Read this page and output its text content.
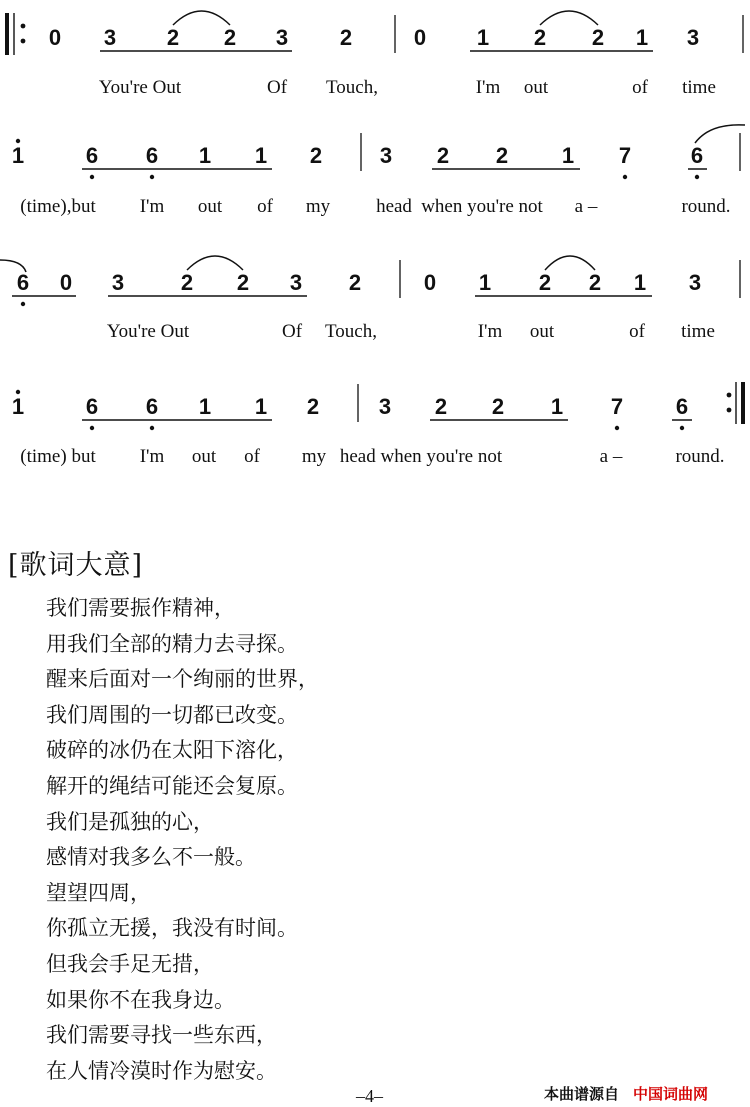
0 3 2 2 3 2	0 1 2 2 1 3
You're Out	Of Touch,	I'm out	of time
1	6 6 1 1 2	3 2 2 1 7	6
(time),but I'm out of my head when you're not a –	round.
6 0 3	2 2 3 2	0 1 2 2 1 3
You're Out	Of Touch,	I'm out	of time
1	6 6 1 1 2	3 2 2 1 7 6
(time) but I'm out of my head when you're not	a –	round.
[歌词大意]
我们需要振作精神，
用我们全部的精力去寻探。
醒来后面对一个绚丽的世界，
我们周围的一切都已改变。
破碎的冰仍在太阳下溶化，
解开的绳结可能还会复原。
我们是孤独的心，
感情对我多么不一般。
望望四周，
你孤立无援，我没有时间。
但我会手足无措，
如果你不在我身边。
我们需要寻找一些东西，
在人情冷漠时作为慰安。
–4–	本曲谱源自 中国词曲网
